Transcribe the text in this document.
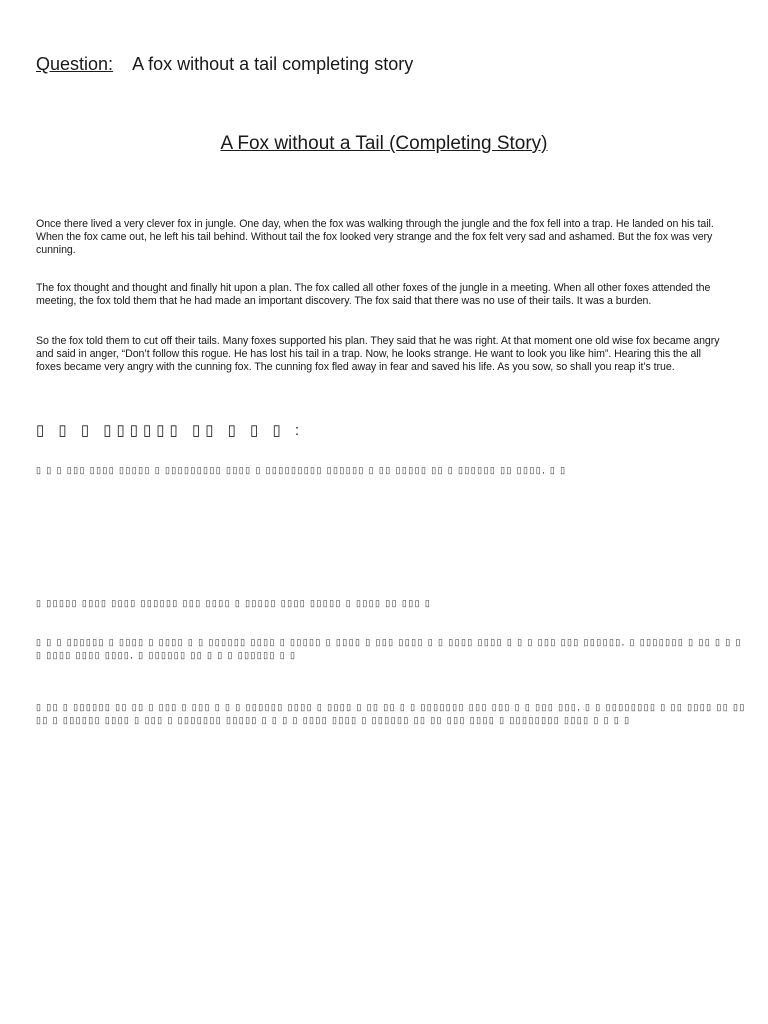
Question: A fox without a tail completing story
A Fox without a Tail (Completing Story)

Once there lived a very clever fox in jungle. One day, when the fox was walking through the jungle and the fox fell into a trap. He landed on his tail. When the fox came out, he left his tail behind. Without tail the fox looked very strange and the fox felt very sad and ashamed. But the fox was very cunning.

The fox thought and thought and finally hit upon a plan. The fox called all other foxes of the jungle in a meeting. When all other foxes attended the meeting, the fox told them that he had made an important discovery. The fox said that there was no use of their tails. It was a burden.

So the fox told them to cut off their tails. Many foxes supported his plan. They said that he was right. At that moment one old wise fox became angry and said in anger, “Don’t follow this rogue. He has lost his tail in a trap. Now, he looks strange. He want to look you like him”. Hearing this the all foxes became very angry with the cunning fox. The cunning fox fled away in fear and saved his life. As you sow, so shall you reap it’s true.

▯ ▯ ▯ ▯▯▯▯▯▯ ▯▯ ▯ ▯ ▯ :

▯ ▯ ▯ ▯▯▯ ▯▯▯▯ ▯▯▯▯▯ ▯ ▯▯▯▯▯▯▯▯▯ ▯▯▯▯ ▯ ▯▯▯▯▯▯▯▯▯ ▯▯▯▯▯▯ ▯ ▯▯ ▯▯▯▯▯ ▯▯ ▯ ▯▯▯▯▯▯ ▯▯ ▯▯▯▯, ▯ ▯

▯ ▯▯▯▯▯ ▯▯▯▯ ▯▯▯▯ ▯▯▯▯▯▯ ▯▯▯ ▯▯▯▯ ▯ ▯▯▯▯▯ ▯▯▯▯ ▯▯▯▯▯ ▯ ▯▯▯▯ ▯▯ ▯▯▯ ▯

▯ ▯ ▯ ▯▯▯▯▯▯ ▯ ▯▯▯▯ ▯ ▯▯▯▯ ▯ ▯ ▯▯▯▯▯▯ ▯▯▯▯ ▯ ▯▯▯▯▯ ▯ ▯▯▯▯ ▯ ▯▯▯ ▯▯▯▯ ▯ ▯ ▯▯▯▯ ▯▯▯▯ ▯ ▯ ▯ ▯▯▯ ▯▯▯ ▯▯▯▯▯▯, ▯ ▯▯▯▯▯▯▯ ▯ ▯▯ ▯ ▯ ▯ ▯ ▯▯▯▯ ▯▯▯▯ ▯▯▯▯, ▯ ▯▯▯▯▯▯ ▯▯ ▯ ▯ ▯ ▯▯▯▯▯▯ ▯ ▯

▯ ▯▯ ▯ ▯▯▯▯▯▯ ▯▯ ▯▯ ▯ ▯▯▯ ▯ ▯▯▯ ▯ ▯ ▯ ▯▯▯▯▯▯ ▯▯▯▯ ▯ ▯▯▯▯ ▯ ▯▯ ▯▯ ▯ ▯ ▯▯▯▯▯▯▯ ▯▯▯ ▯▯▯ ▯ ▯ ▯▯▯ ▯▯▯, ▯ ▯ ▯▯▯▯▯▯▯▯ ▯ ▯▯ ▯▯▯▯ ▯▯ ▯▯▯▯ ▯ ▯▯▯▯▯▯ ▯▯▯▯ ▯ ▯▯▯ ▯ ▯▯▯▯▯▯▯ ▯▯▯▯▯ ▯ ▯ ▯ ▯ ▯▯▯▯ ▯▯▯▯ ▯ ▯▯▯▯▯▯ ▯▯ ▯▯ ▯▯▯ ▯▯▯▯ ▯ ▯▯▯▯▯▯▯▯ ▯▯▯▯ ▯ ▯ ▯ ▯
